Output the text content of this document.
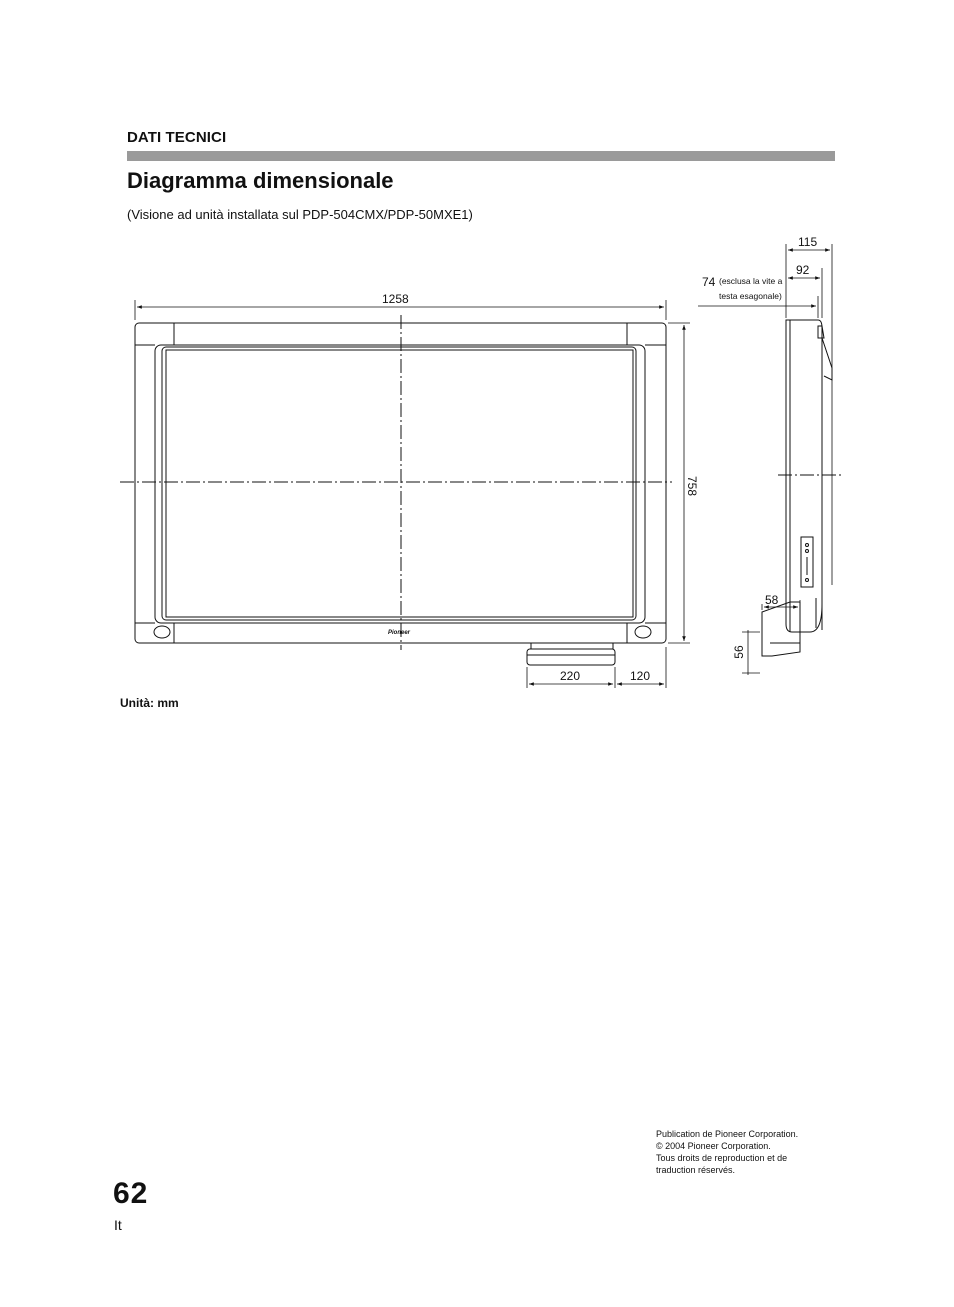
DATI TECNICI
Diagramma dimensionale
(Visione ad unità installata sul PDP-504CMX/PDP-50MXE1)
Pioneer
1258
758
220	120
115
92
74 (esclusa la vite a
testa esagonale)
58
56
Unità: mm
Publication de Pioneer Corporation.
© 2004 Pioneer Corporation.
Tous droits de reproduction et de
traduction réservés.
62
It
